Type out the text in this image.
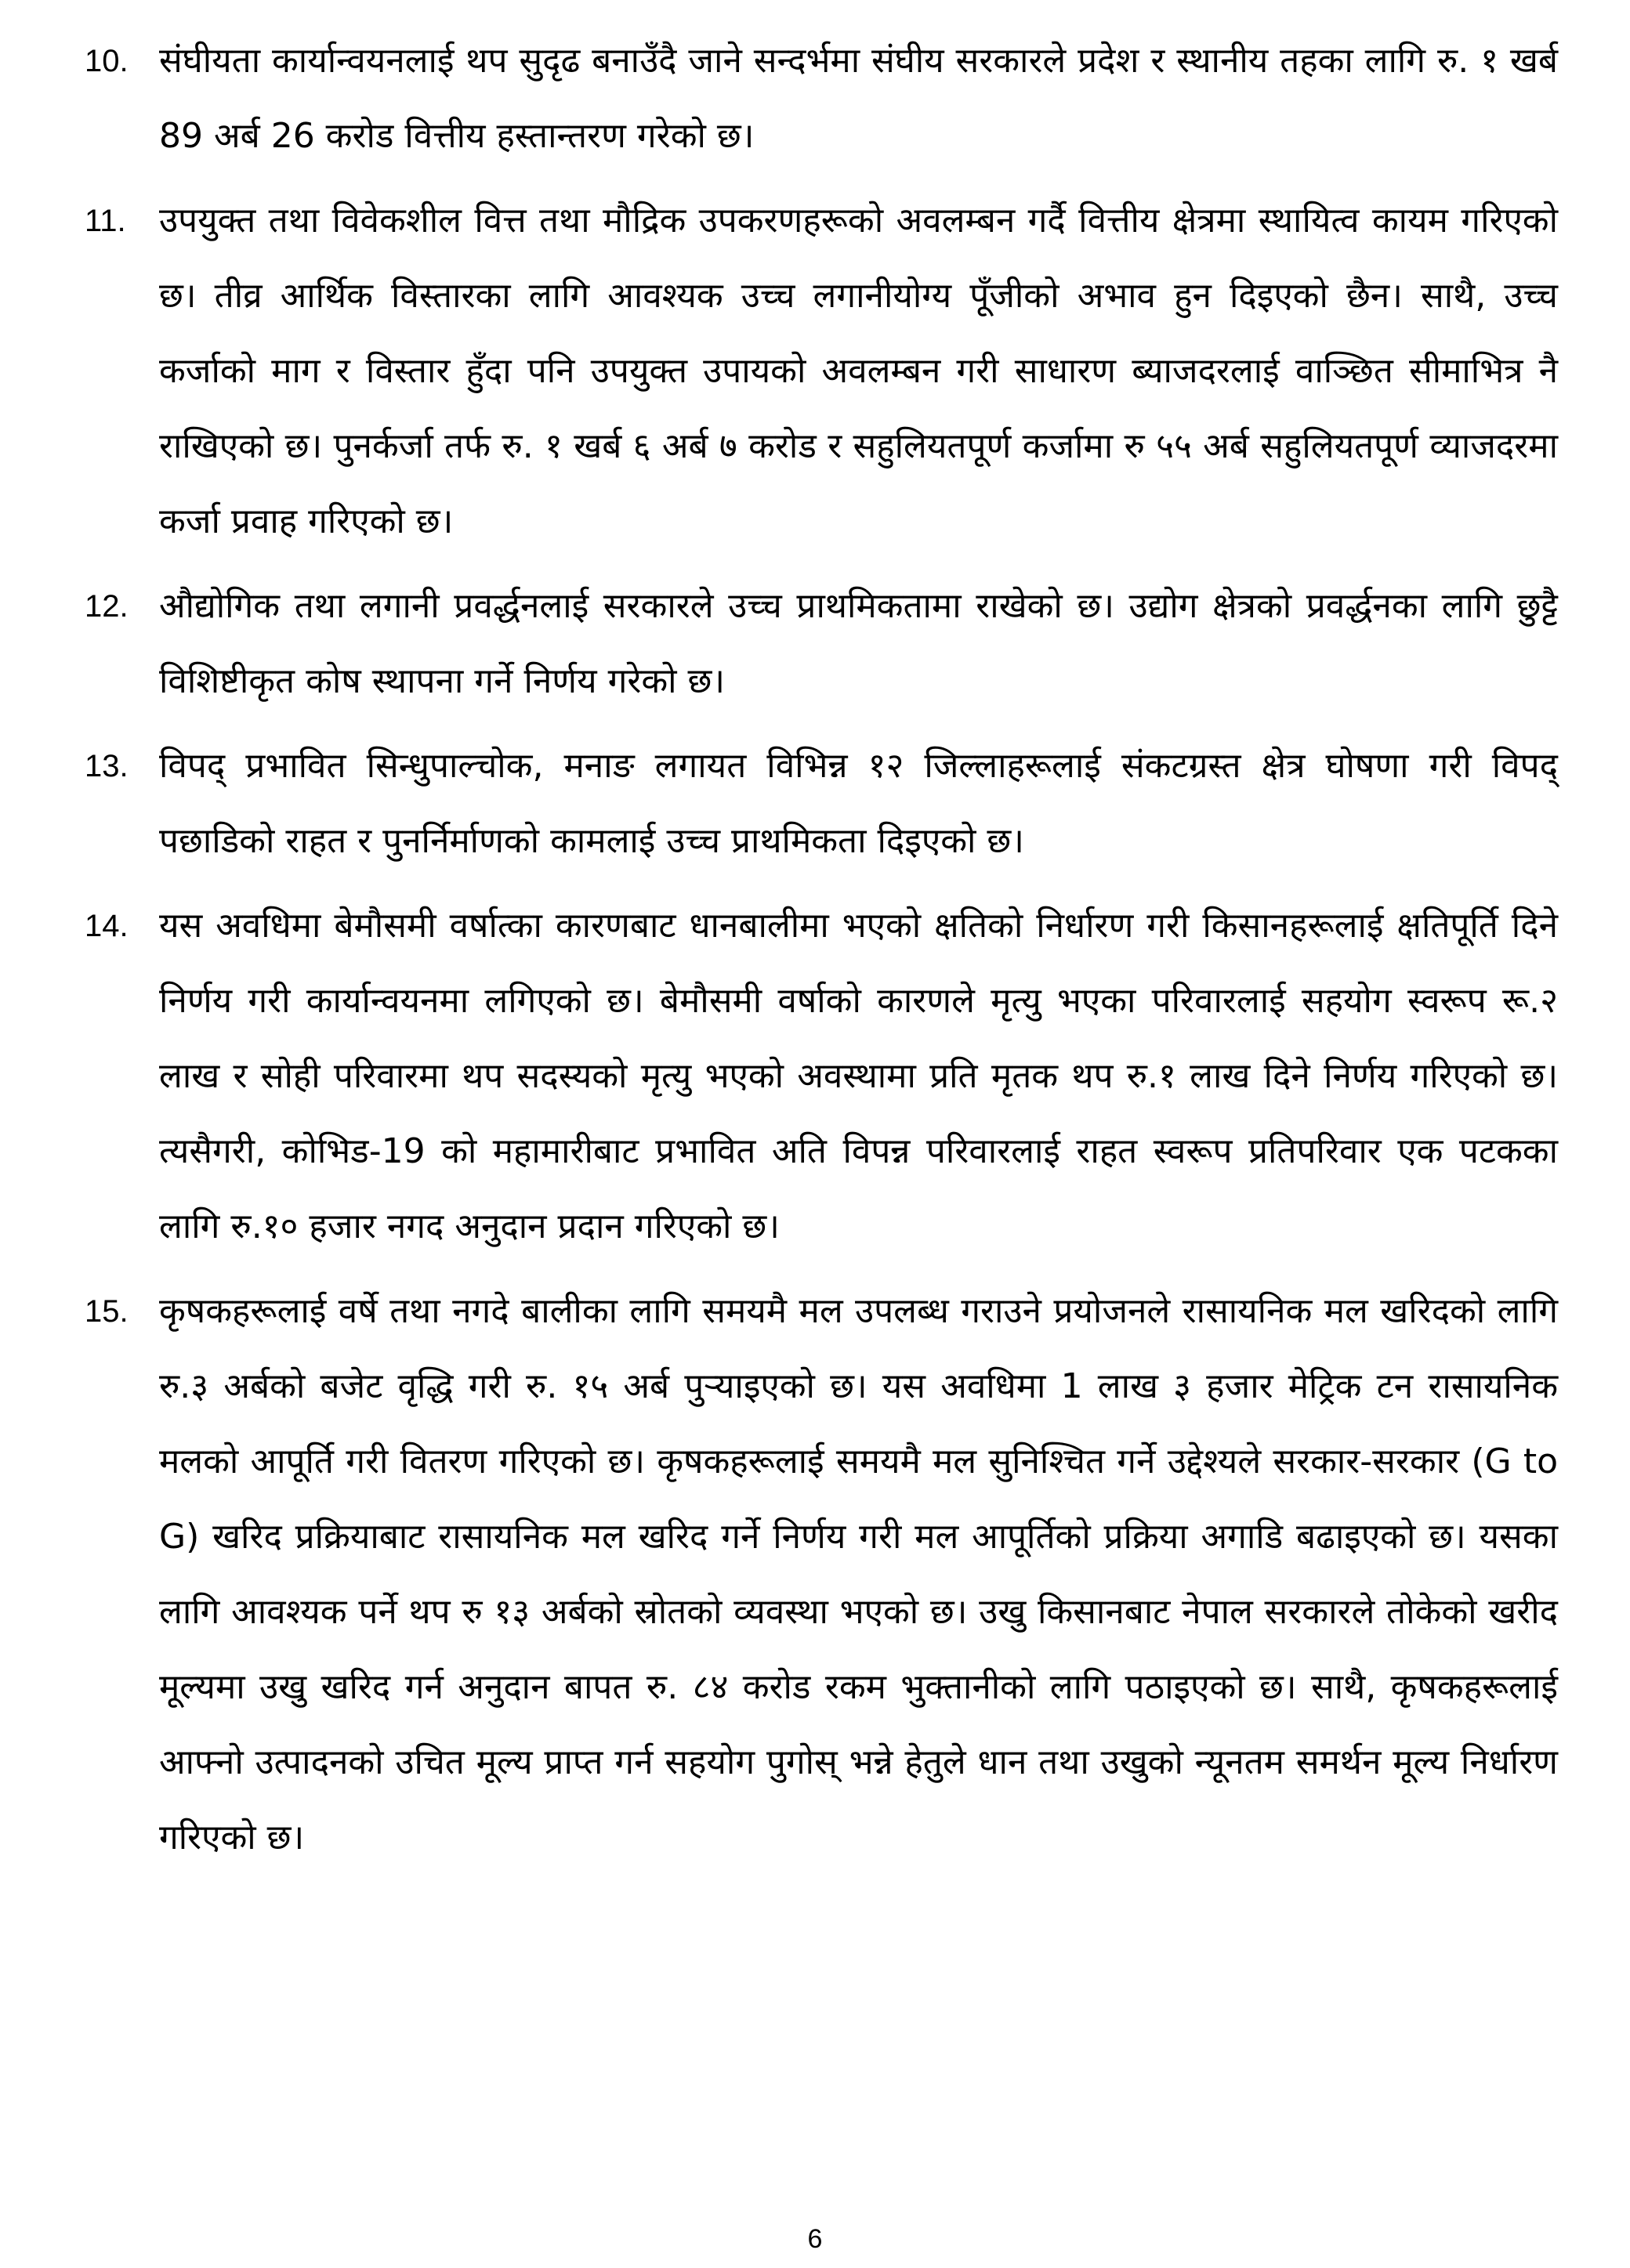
10. संघीयता कार्यान्वयनलाई थप सुदृढ बनाउँदै जाने सन्दर्भमा संघीय सरकारले प्रदेश र स्थानीय तहका लागि रु. १ खर्ब 89 अर्ब 26 करोड वित्तीय हस्तान्तरण गरेको छ।

11. उपयुक्त तथा विवेकशील वित्त तथा मौद्रिक उपकरणहरूको अवलम्बन गर्दै वित्तीय क्षेत्रमा स्थायित्व कायम गरिएको छ। तीव्र आर्थिक विस्तारका लागि आवश्यक उच्च लगानीयोग्य पूँजीको अभाव हुन दिइएको छैन। साथै, उच्च कर्जाको माग र विस्तार हुँदा पनि उपयुक्त उपायको अवलम्बन गरी साधारण ब्याजदरलाई वाञ्छित सीमाभित्र नै राखिएको छ। पुनर्कर्जा तर्फ रु. १ खर्ब ६ अर्ब ७ करोड र सहुलियतपूर्ण कर्जामा रु ५५ अर्ब सहुलियतपूर्ण व्याजदरमा कर्जा प्रवाह गरिएको छ।

12. औद्योगिक तथा लगानी प्रवर्द्धनलाई सरकारले उच्च प्राथमिकतामा राखेको छ। उद्योग क्षेत्रको प्रवर्द्धनका लागि छुट्टै विशिष्टीकृत कोष स्थापना गर्ने निर्णय गरेको छ।

13. विपद् प्रभावित सिन्धुपाल्चोक, मनाङ लगायत विभिन्न १२ जिल्लाहरूलाई संकटग्रस्त क्षेत्र घोषणा गरी विपद् पछाडिको राहत र पुनर्निर्माणको कामलाई उच्च प्राथमिकता दिइएको छ।

14. यस अवधिमा बेमौसमी वर्षात्का कारणबाट धानबालीमा भएको क्षतिको निर्धारण गरी किसानहरूलाई क्षतिपूर्ति दिने निर्णय गरी कार्यान्वयनमा लगिएको छ। बेमौसमी वर्षाको कारणले मृत्यु भएका परिवारलाई सहयोग स्वरूप रू.२ लाख र सोही परिवारमा थप सदस्यको मृत्यु भएको अवस्थामा प्रति मृतक थप रु.१ लाख दिने निर्णय गरिएको छ। त्यसैगरी, कोभिड-19 को महामारीबाट प्रभावित अति विपन्न परिवारलाई राहत स्वरूप प्रतिपरिवार एक पटकका लागि रु.१० हजार नगद अनुदान प्रदान गरिएको छ।

15. कृषकहरूलाई वर्षे तथा नगदे बालीका लागि समयमै मल उपलब्ध गराउने प्रयोजनले रासायनिक मल खरिदको लागि रु.३ अर्बको बजेट वृद्धि गरी रु. १५ अर्ब पुऱ्याइएको छ। यस अवधिमा 1 लाख ३ हजार मेट्रिक टन रासायनिक मलको आपूर्ति गरी वितरण गरिएको छ। कृषकहरूलाई समयमै मल सुनिश्चित गर्ने उद्देश्यले सरकार-सरकार (G to G) खरिद प्रक्रियाबाट रासायनिक मल खरिद गर्ने निर्णय गरी मल आपूर्तिको प्रक्रिया अगाडि बढाइएको छ। यसका लागि आवश्यक पर्ने थप रु १३ अर्बको स्रोतको व्यवस्था भएको छ। उखु किसानबाट नेपाल सरकारले तोकेको खरीद मूल्यमा उखु खरिद गर्न अनुदान बापत रु. ८४ करोड रकम भुक्तानीको लागि पठाइएको छ। साथै, कृषकहरूलाई आफ्नो उत्पादनको उचित मूल्य प्राप्त गर्न सहयोग पुगोस् भन्ने हेतुले धान तथा उखुको न्यूनतम समर्थन मूल्य निर्धारण गरिएको छ।

6
